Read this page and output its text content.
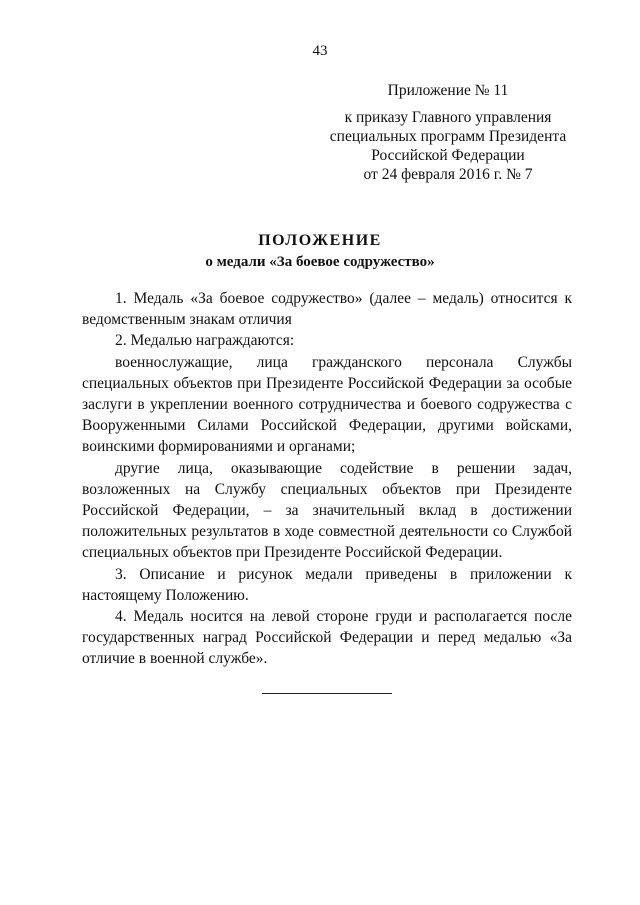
43
Приложение № 11
к приказу Главного управления
специальных программ Президента
Российской Федерации
от 24 февраля 2016 г. № 7
ПОЛОЖЕНИЕ
о медали «За боевое содружество»

1. Медаль «За боевое содружество» (далее – медаль) относится к ведомственным знакам отличия

2. Медалью награждаются:

военнослужащие, лица гражданского персонала Службы специальных объектов при Президенте Российской Федерации за особые заслуги в укреплении военного сотрудничества и боевого содружества с Вооруженными Силами Российской Федерации, другими войсками, воинскими формированиями и органами;

другие лица, оказывающие содействие в решении задач, возложенных на Службу специальных объектов при Президенте Российской Федерации, – за значительный вклад в достижении положительных результатов в ходе совместной деятельности со Службой специальных объектов при Президенте Российской Федерации.

3. Описание и рисунок медали приведены в приложении к настоящему Положению.

4. Медаль носится на левой стороне груди и располагается после государственных наград Российской Федерации и перед медалью «За отличие в военной службе».
